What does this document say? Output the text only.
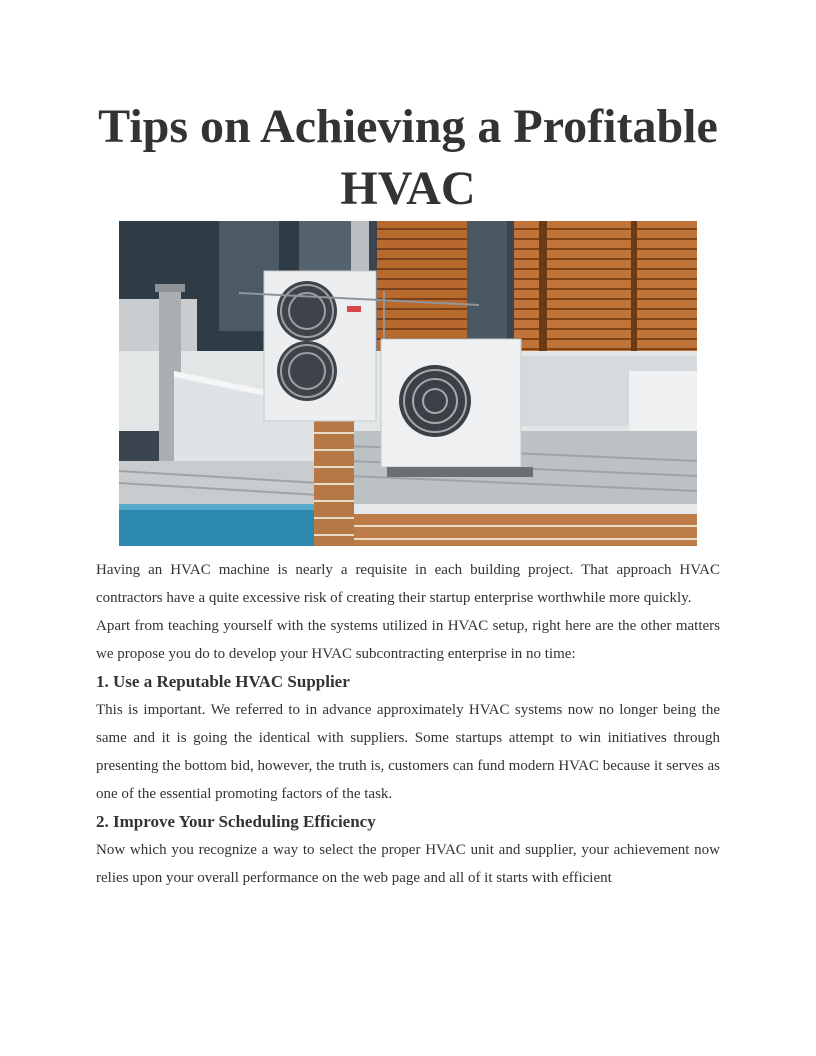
Tips on Achieving a Profitable HVAC

Having an HVAC machine is nearly a requisite in each building project. That approach HVAC contractors have a quite excessive risk of creating their startup enterprise worthwhile more quickly.

Apart from teaching yourself with the systems utilized in HVAC setup, right here are the other matters we propose you do to develop your HVAC subcontracting enterprise in no time:

1. Use a Reputable HVAC Supplier

This is important. We referred to in advance approximately HVAC systems now no longer being the same and it is going the identical with suppliers. Some startups attempt to win initiatives through presenting the bottom bid, however, the truth is, customers can fund modern HVAC because it serves as one of the essential promoting factors of the task.

2. Improve Your Scheduling Efficiency

Now which you recognize a way to select the proper HVAC unit and supplier, your achievement now relies upon your overall performance on the web page and all of it starts with efficient
